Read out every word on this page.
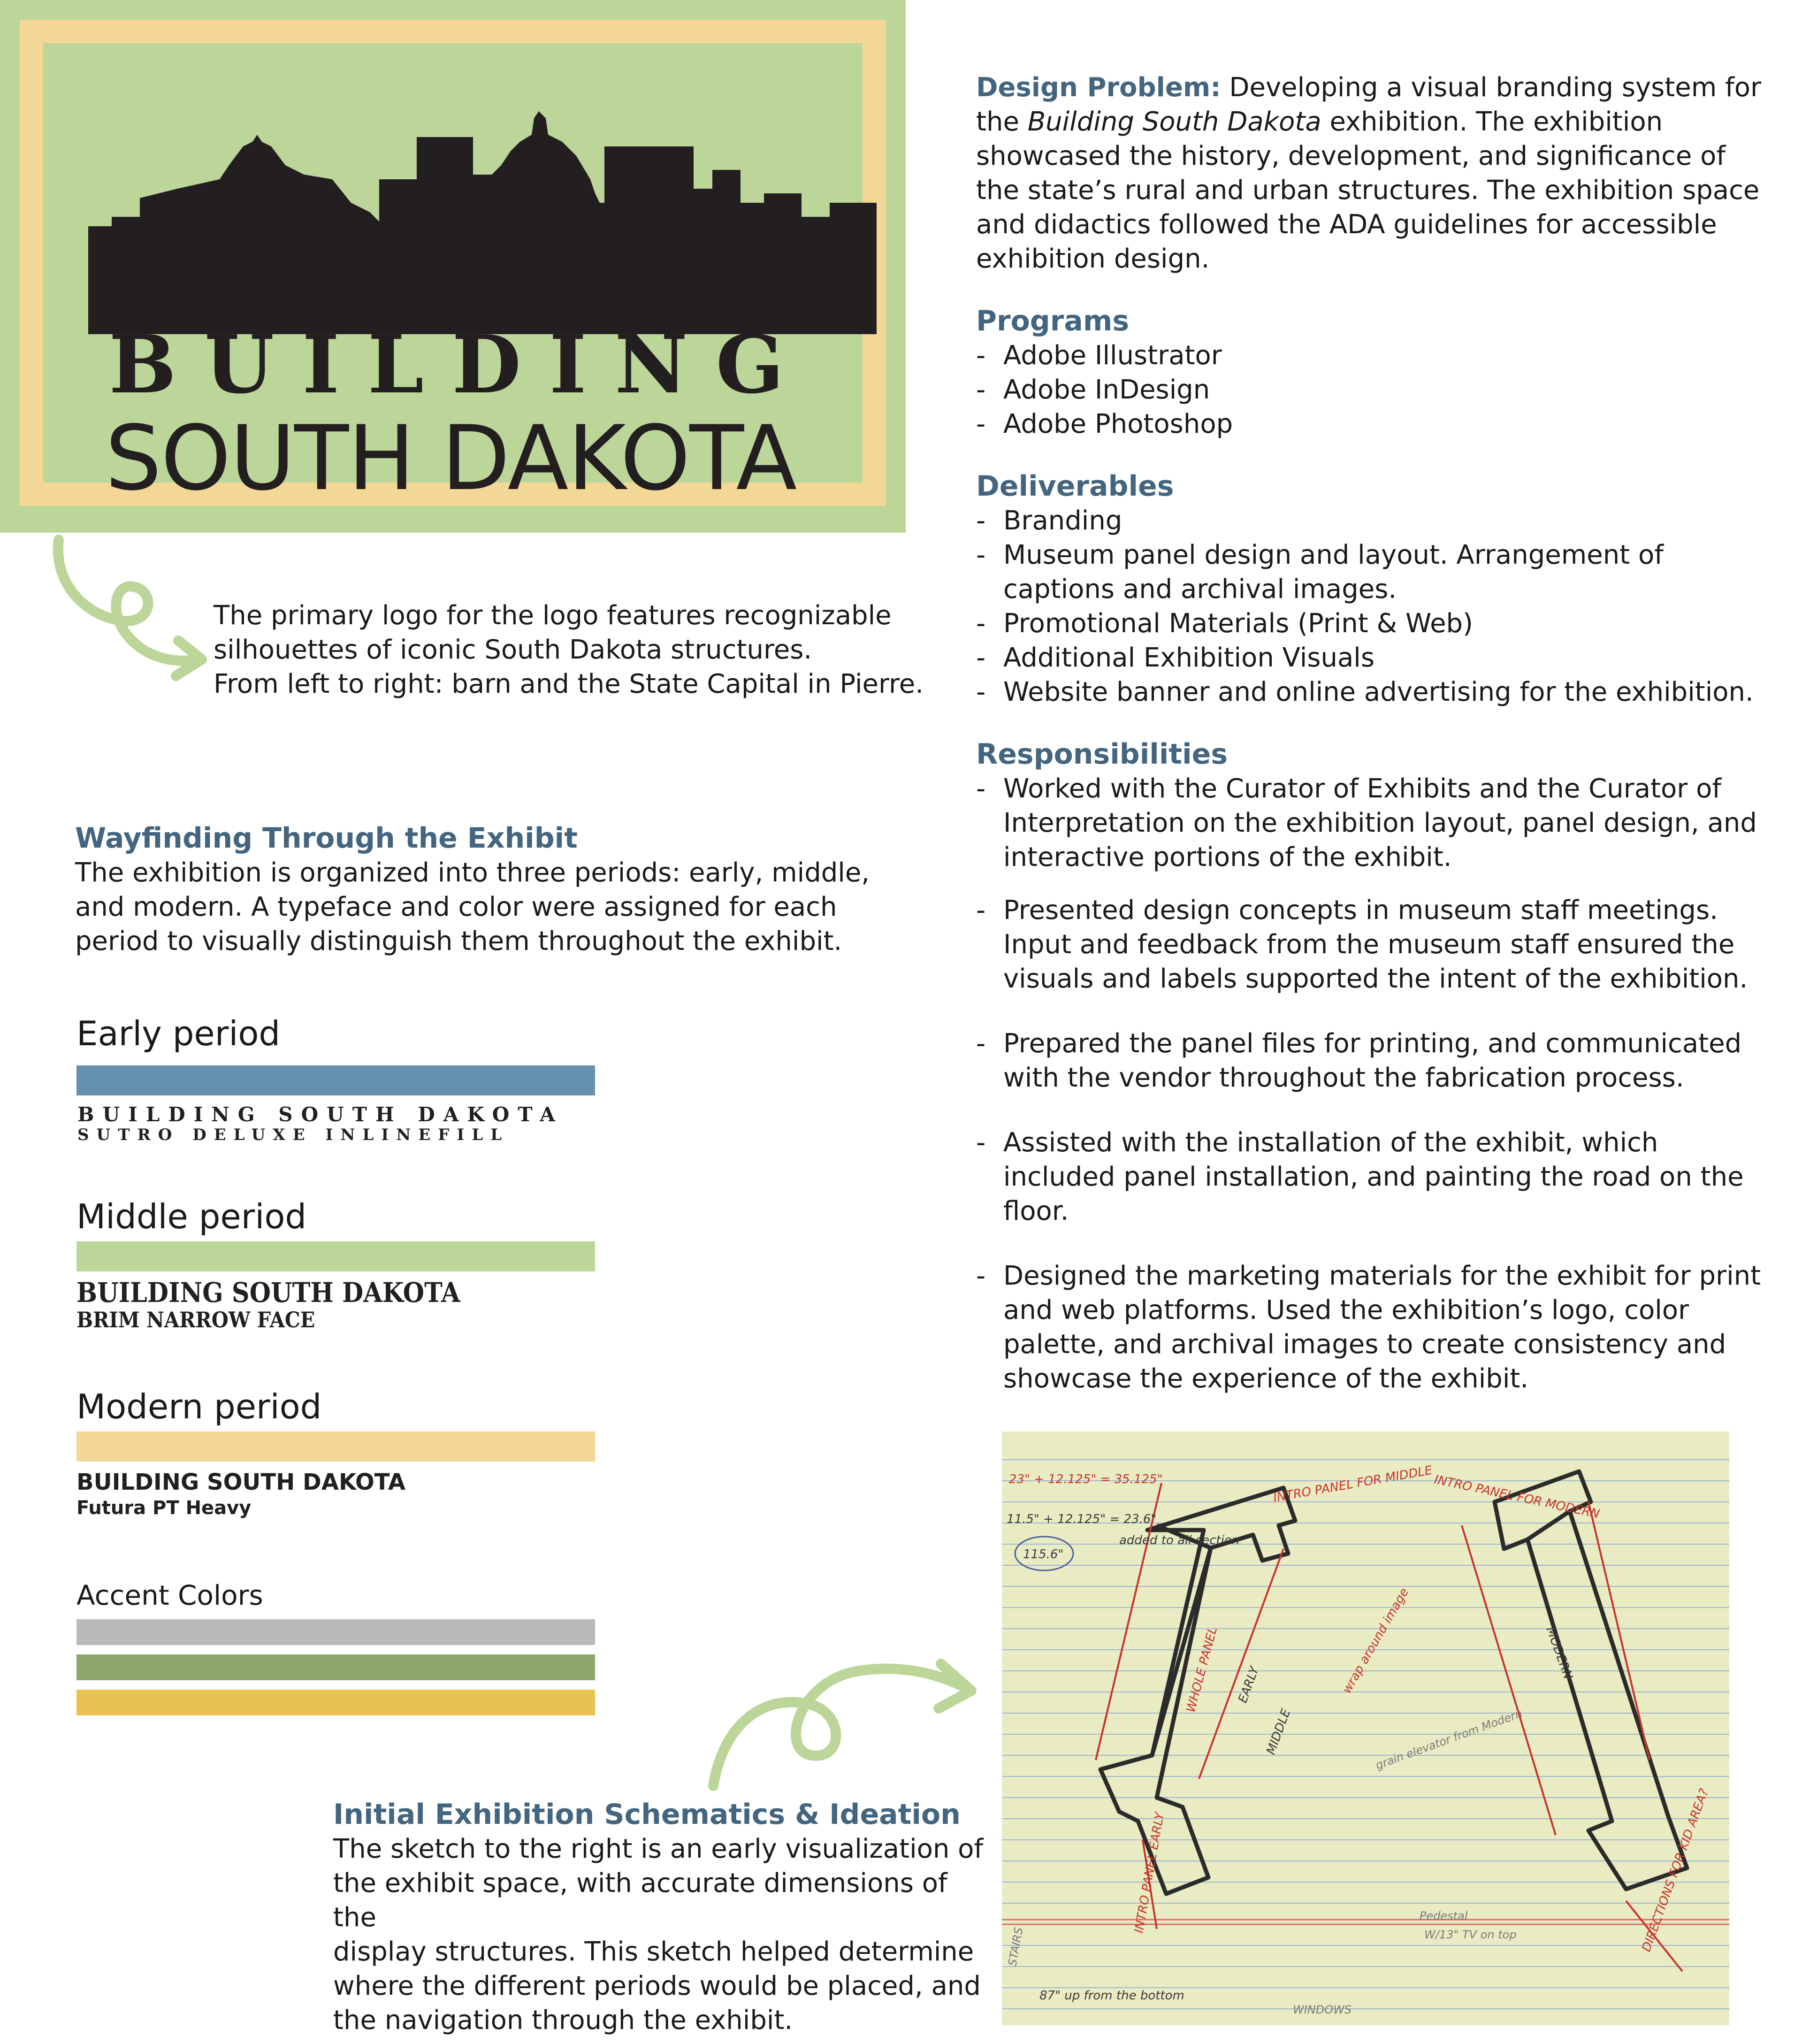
BUILDING
SOUTH DAKOTA
The primary logo for the logo features recognizable
silhouettes of iconic South Dakota structures.
From left to right: barn and the State Capital in Pierre.

Design Problem: Developing a visual branding system for the Building South Dakota exhibition. The exhibition showcased the history, development, and significance of the state’s rural and urban structures. The exhibition space and didactics followed the ADA guidelines for accessible exhibition design.

Programs
- Adobe Illustrator
- Adobe InDesign
- Adobe Photoshop
Deliverables
- Branding
- Museum panel design and layout. Arrangement of captions and archival images.
- Promotional Materials (Print & Web)
- Additional Exhibition Visuals
- Website banner and online advertising for the exhibition.
Responsibilities
- Worked with the Curator of Exhibits and the Curator of Interpretation on the exhibition layout, panel design, and interactive portions of the exhibit.
- Presented design concepts in museum staff meetings. Input and feedback from the museum staff ensured the visuals and labels supported the intent of the exhibition.
- Prepared the panel files for printing, and communicated with the vendor throughout the fabrication process.
- Assisted with the installation of the exhibit, which included panel installation, and painting the road on the floor.
- Designed the marketing materials for the exhibit for print and web platforms. Used the exhibition’s logo, color palette, and archival images to create consistency and showcase the experience of the exhibit.
Wayfinding Through the Exhibit
The exhibition is organized into three periods: early, middle,
and modern. A typeface and color were assigned for each
period to visually distinguish them throughout the exhibit.
Early period
BUILDING SOUTH DAKOTA
SUTRO DELUXE INLINEFILL
Middle period
BUILDING SOUTH DAKOTA
BRIM NARROW FACE
Modern period
BUILDING SOUTH DAKOTA
Futura PT Heavy
Accent Colors
Initial Exhibition Schematics & Ideation
The sketch to the right is an early visualization of
the exhibit space, with accurate dimensions of the
display structures. This sketch helped determine
where the different periods would be placed, and
the navigation through the exhibit.
23" + 12.125" = 35.125"
11.5" + 12.125" = 23.6"
added to all section
115.6"
INTRO PANEL FOR MIDDLE INTRO PANEL FOR MODERN
WHOLE PANEL EARLY
MIDDLE
MODERN
wrap around image
grain elevator from Modern
INTRO PANEL EARLY
STAIRS
WINDOWS
87" up from the bottom
Pedestal
W/13" TV on top	DIRECTIONS FOR KID AREA?
